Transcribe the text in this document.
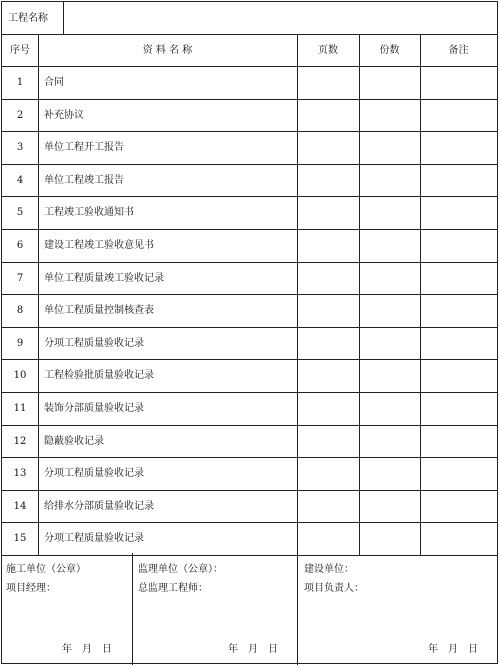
工程名称
序号	资 料 名 称	页数	份数	备注
1	合同
2	补充协议
3	单位工程开工报告
4	单位工程竣工报告
5	工程竣工验收通知书
6	建设工程竣工验收意见书
7	单位工程质量竣工验收记录
8	单位工程质量控制核查表
9	分项工程质量验收记录
10	工程检验批质量验收记录
11	装饰分部质量验收记录
12	隐蔽验收记录
13	分项工程质量验收记录
14	给排水分部质量验收记录
15	分项工程质量验收记录
施工单位（公章）
项目经理：
年　月　日
监理单位（公章）：
总监理工程师：
年　月　日
建设单位：
项目负责人：
年　月　日
